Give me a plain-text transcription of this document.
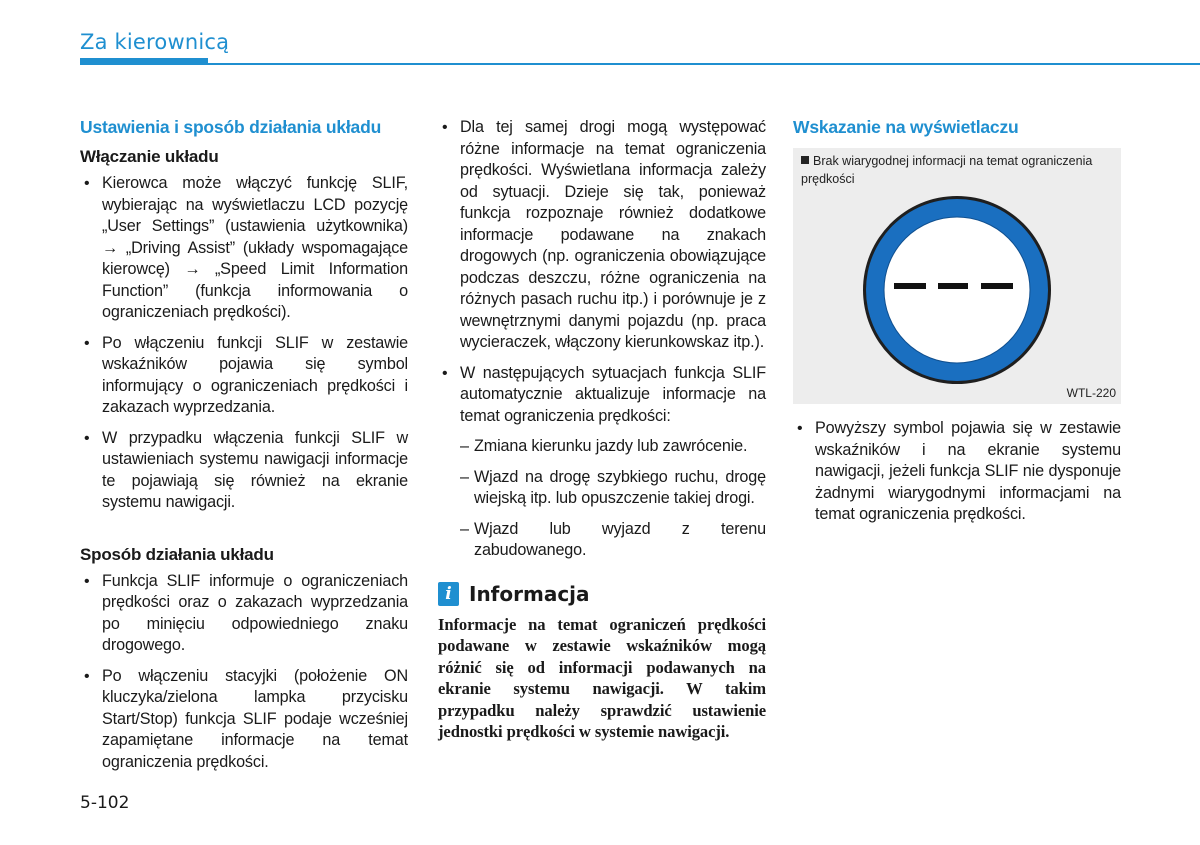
Za kierownicą
Ustawienia i sposób działania układu
Włączanie układu
• Kierowca może włączyć funkcję SLIF, wybierając na wyświetlaczu LCD pozycję „User Settings” (ustawienia użytkownika) → „Driving Assist” (układy wspomagające kierowcę) → „Speed Limit Information Function” (funkcja informowania o ograniczeniach prędkości).
• Po włączeniu funkcji SLIF w zestawie wskaźników pojawia się symbol informujący o ograniczeniach prędkości i zakazach wyprzedzania.
• W przypadku włączenia funkcji SLIF w ustawieniach systemu nawigacji informacje te pojawiają się również na ekranie systemu nawigacji.
Sposób działania układu
• Funkcja SLIF informuje o ograniczeniach prędkości oraz o zakazach wyprzedzania po minięciu odpowiedniego znaku drogowego.
• Po włączeniu stacyjki (położenie ON kluczyka/zielona lampka przycisku Start/Stop) funkcja SLIF podaje wcześniej zapamiętane informacje na temat ograniczenia prędkości.
• Dla tej samej drogi mogą występować różne informacje na temat ograniczenia prędkości. Wyświetlana informacja zależy od sytuacji. Dzieje się tak, ponieważ funkcja rozpoznaje również dodatkowe informacje podawane na znakach drogowych (np. ograniczenia obowiązujące podczas deszczu, różne ograniczenia na różnych pasach ruchu itp.) i porównuje je z wewnętrznymi danymi pojazdu (np. praca wycieraczek, włączony kierunkowskaz itp.).
• W następujących sytuacjach funkcja SLIF automatycznie aktualizuje informacje na temat ograniczenia prędkości:
– Zmiana kierunku jazdy lub zawrócenie.
– Wjazd na drogę szybkiego ruchu, drogę wiejską itp. lub opuszczenie takiej drogi.
– Wjazd lub wyjazd z terenu zabudowanego.
i Informacja

Informacje na temat ograniczeń prędkości podawane w zestawie wskaźników mogą różnić się od informacji podawanych na ekranie systemu nawigacji. W takim przypadku należy sprawdzić ustawienie jednostki prędkości w systemie nawigacji.

Wskazanie na wyświetlaczu
Brak wiarygodnej informacji na temat ograniczenia prędkości
WTL-220
• Powyższy symbol pojawia się w zestawie wskaźników i na ekranie systemu nawigacji, jeżeli funkcja SLIF nie dysponuje żadnymi wiarygodnymi informacjami na temat ograniczenia prędkości.
5-102
